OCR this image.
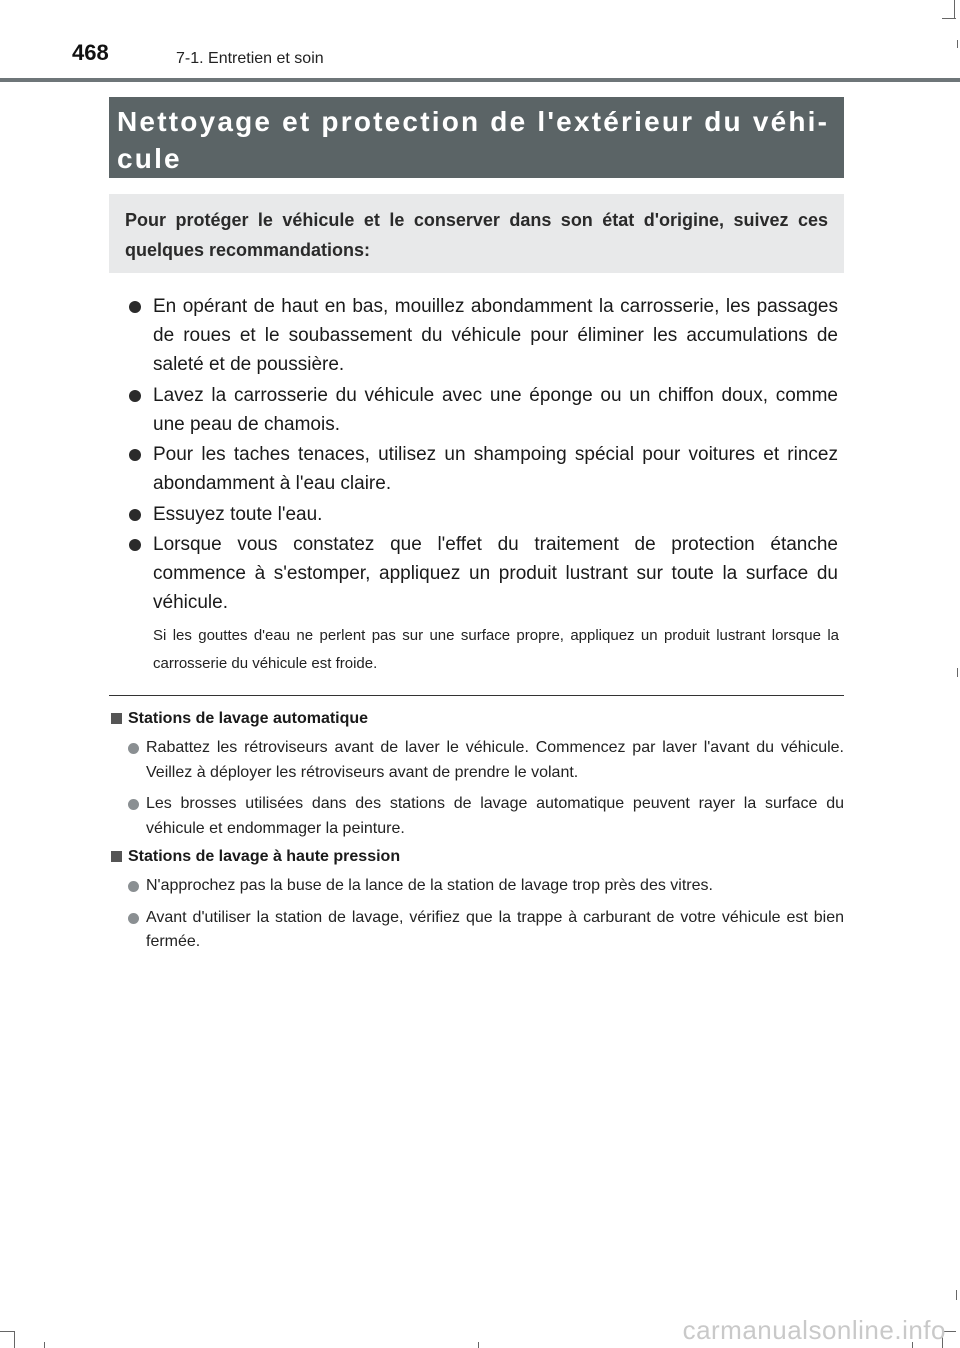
468	7-1. Entretien et soin
Nettoyage et protection de l'extérieur du véhi-
cule
Pour protéger le véhicule et le conserver dans son état d'origine, suivez ces quelques recommandations:
En opérant de haut en bas, mouillez abondamment la carrosserie, les passages de roues et le soubassement du véhicule pour éliminer les accumulations de saleté et de poussière.
Lavez la carrosserie du véhicule avec une éponge ou un chiffon doux, comme une peau de chamois.
Pour les taches tenaces, utilisez un shampoing spécial pour voitures et rincez abondamment à l'eau claire.
Essuyez toute l'eau.
Lorsque vous constatez que l'effet du traitement de protection étanche commence à s'estomper, appliquez un produit lustrant sur toute la surface du véhicule.

Si les gouttes d'eau ne perlent pas sur une surface propre, appliquez un produit lustrant lorsque la carrosserie du véhicule est froide.

Stations de lavage automatique
Rabattez les rétroviseurs avant de laver le véhicule. Commencez par laver l'avant du véhicule. Veillez à déployer les rétroviseurs avant de prendre le volant.
Les brosses utilisées dans des stations de lavage automatique peuvent rayer la surface du véhicule et endommager la peinture.
Stations de lavage à haute pression
N'approchez pas la buse de la lance de la station de lavage trop près des vitres.
Avant d'utiliser la station de lavage, vérifiez que la trappe à carburant de votre véhicule est bien fermée.
carmanualsonline.info
